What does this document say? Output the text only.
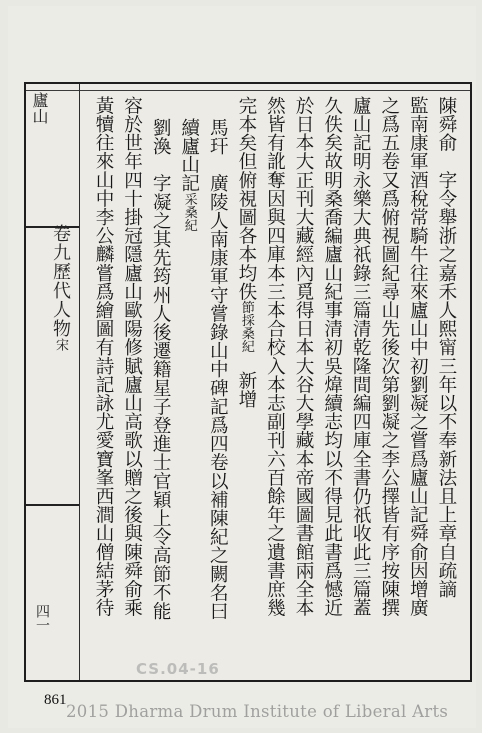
廬山
卷九歷代人物宋
四一
陳舜俞　字令舉浙之嘉禾人熙甯三年以不奉新法且上章自疏謫
監南康軍酒稅常騎牛往來廬山中初劉凝之嘗爲廬山記舜俞因增廣
之爲五卷又爲俯視圖紀尋山先後次第劉凝之李公擇皆有序按陳撰
廬山記明永樂大典祇錄三篇清乾隆間編四庫全書仍祇收此三篇蓋
久佚矣故明桑喬編廬山紀事清初吳煒續志均以不得見此書爲憾近
於日本大正刊大藏經內覓得日本大谷大學藏本帝國圖書館兩全本
然皆有訛奪因與四庫本三本合校入本志副刊六百餘年之遺書庶幾
完本矣但俯視圖各本均佚節採桑紀　新增
馬玕　廣陵人南康軍守嘗錄山中碑記爲四卷以補陳紀之闕名曰
續廬山記采桑紀
劉渙　字凝之其先筠州人後遷籍星子登進士官穎上令高節不能
容於世年四十掛冠隱廬山歐陽修賦廬山高歌以贈之後與陳舜俞乘
黃犢往來山中李公麟嘗爲繪圖有詩記詠尤愛寶峯西澗山僧結茅待
CS.04-16
861
2015 Dharma Drum Institute of Liberal Arts
